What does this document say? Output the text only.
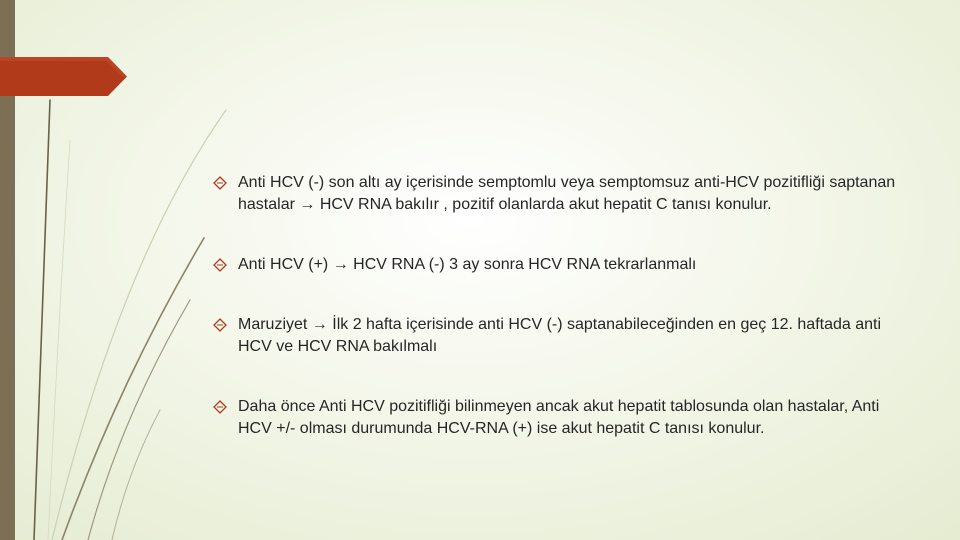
Anti HCV (-) son altı ay içerisinde semptomlu veya semptomsuz anti-HCV pozitifliği saptanan hastalar → HCV RNA bakılır , pozitif olanlarda akut hepatit C tanısı konulur.
Anti HCV (+) → HCV RNA (-) 3 ay sonra HCV RNA tekrarlanmalı
Maruziyet → İlk 2 hafta içerisinde anti HCV (-) saptanabileceğinden en geç 12. haftada anti HCV ve HCV RNA bakılmalı
Daha önce Anti HCV pozitifliği bilinmeyen ancak akut hepatit tablosunda olan hastalar, Anti HCV +/- olması durumunda HCV-RNA (+) ise akut hepatit C tanısı konulur.
